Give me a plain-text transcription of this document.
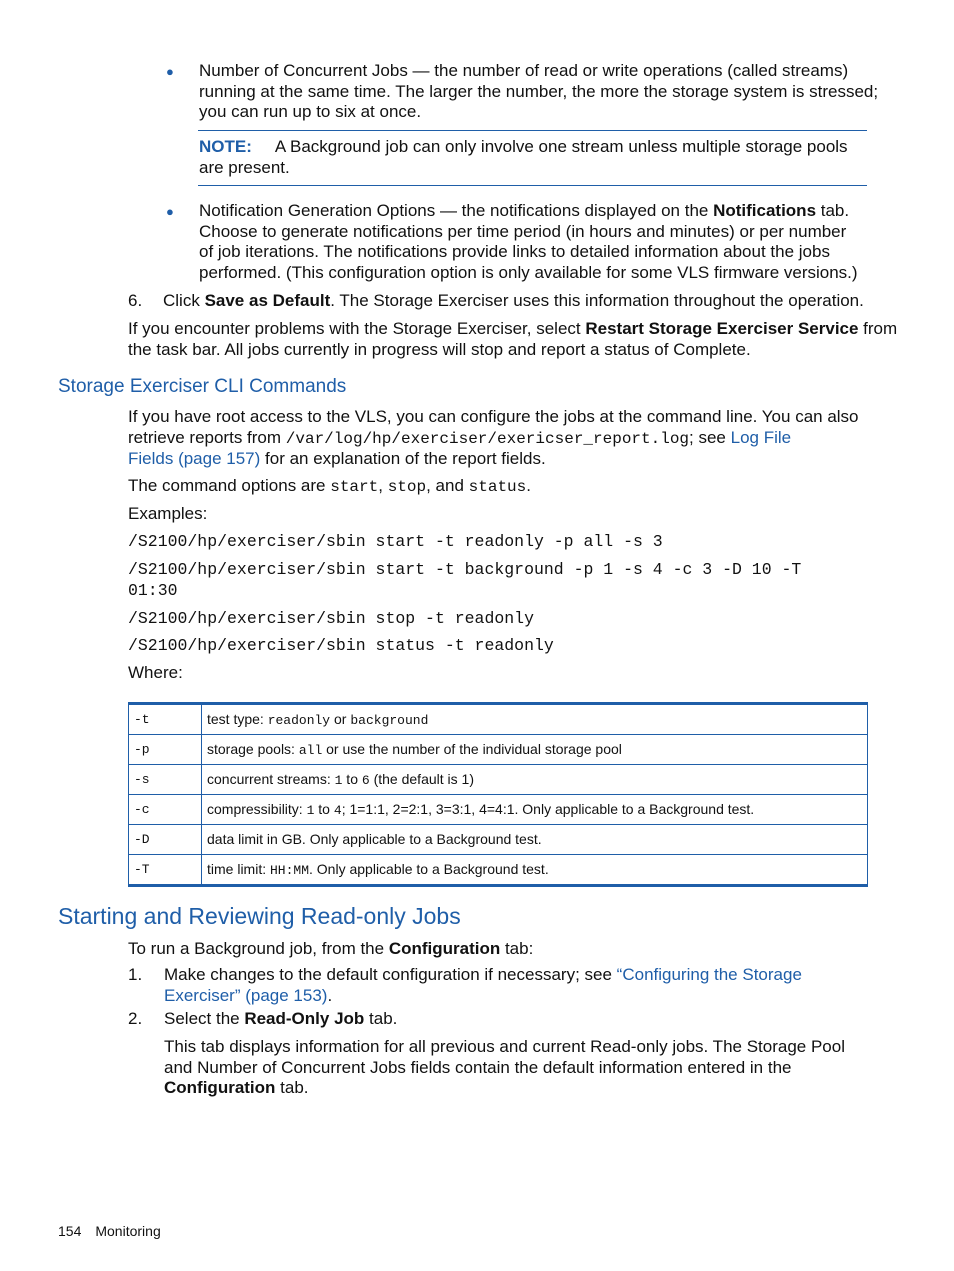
● Number of Concurrent Jobs — the number of read or write operations (called streams)
running at the same time. The larger the number, the more the storage system is stressed;
you can run up to six at once.
NOTE: A Background job can only involve one stream unless multiple storage pools
are present.
● Notification Generation Options — the notifications displayed on the Notifications tab.
Choose to generate notifications per time period (in hours and minutes) or per number
of job iterations. The notifications provide links to detailed information about the jobs
performed. (This configuration option is only available for some VLS firmware versions.)
6. Click Save as Default. The Storage Exerciser uses this information throughout the operation.
If you encounter problems with the Storage Exerciser, select Restart Storage Exerciser Service from
the task bar. All jobs currently in progress will stop and report a status of Complete.
Storage Exerciser CLI Commands
If you have root access to the VLS, you can configure the jobs at the command line. You can also
retrieve reports from /var/log/hp/exerciser/exericser_report.log; see Log File
Fields (page 157) for an explanation of the report fields.
The command options are start, stop, and status.
Examples:
/S2100/hp/exerciser/sbin start -t readonly -p all -s 3
/S2100/hp/exerciser/sbin start -t background -p 1 -s 4 -c 3 -D 10 -T
01:30
/S2100/hp/exerciser/sbin stop -t readonly
/S2100/hp/exerciser/sbin status -t readonly
Where:
-t	test type: readonly or background
-p	storage pools: all or use the number of the individual storage pool
-s	concurrent streams: 1 to 6 (the default is 1)
-c	compressibility: 1 to 4; 1=1:1, 2=2:1, 3=3:1, 4=4:1. Only applicable to a Background test.
-D	data limit in GB. Only applicable to a Background test.
-T	time limit: HH:MM. Only applicable to a Background test.
Starting and Reviewing Read-only Jobs
To run a Background job, from the Configuration tab:
1. Make changes to the default configuration if necessary; see “Configuring the Storage
Exerciser” (page 153).
2. Select the Read-Only Job tab.
This tab displays information for all previous and current Read-only jobs. The Storage Pool
and Number of Concurrent Jobs fields contain the default information entered in the
Configuration tab.
154 Monitoring
